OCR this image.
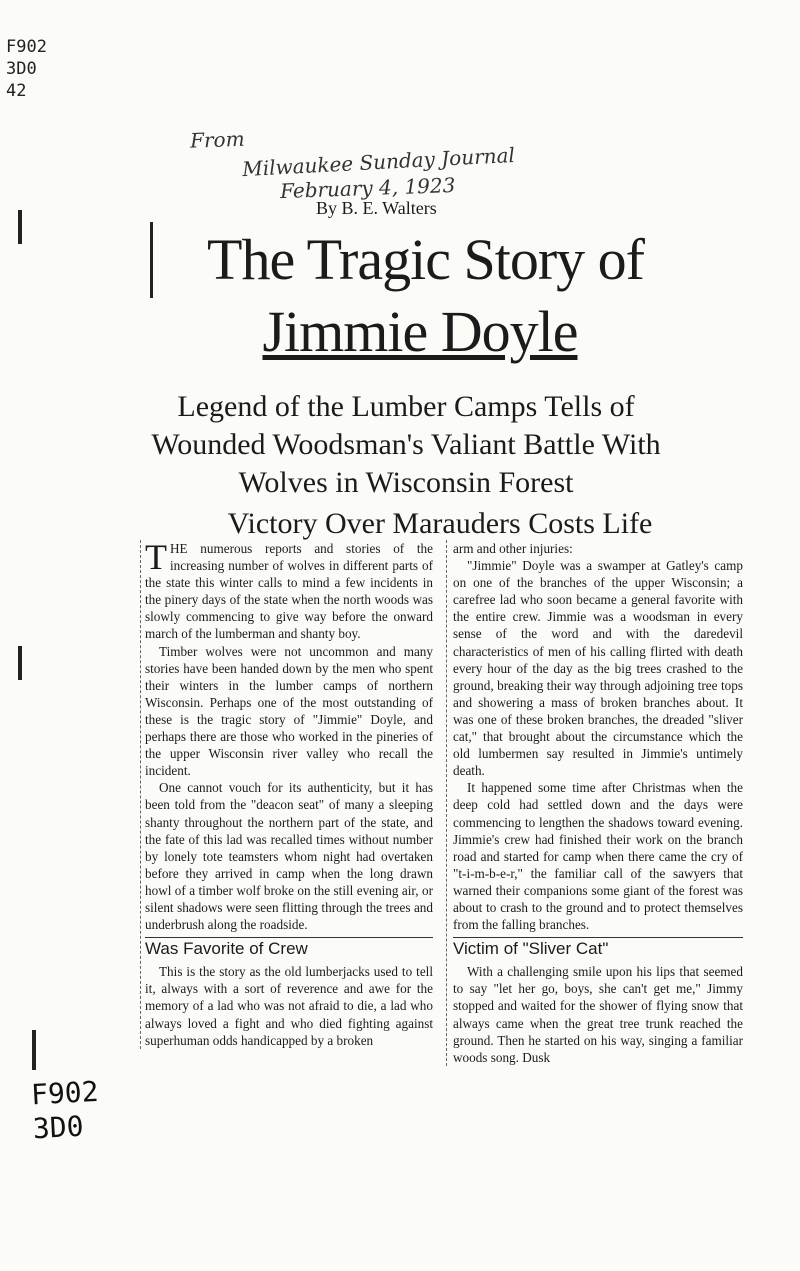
F902
3D0
42
F902
3D0
From
Milwaukee Sunday Journal
February 4, 1923
By B. E. Walters
The Tragic Story of
Jimmie Doyle
Legend of the Lumber Camps Tells of
Wounded Woodsman's Valiant Battle With
Wolves in Wisconsin Forest
Victory Over Marauders Costs Life

THE numerous reports and stories of the increasing number of wolves in different parts of the state this winter calls to mind a few incidents in the pinery days of the state when the north woods was slowly commencing to give way before the onward march of the lumberman and shanty boy.

Timber wolves were not uncommon and many stories have been handed down by the men who spent their winters in the lumber camps of northern Wisconsin. Perhaps one of the most outstanding of these is the tragic story of "Jimmie" Doyle, and perhaps there are those who worked in the pineries of the upper Wisconsin river valley who recall the incident.

One cannot vouch for its authenticity, but it has been told from the "deacon seat" of many a sleeping shanty throughout the northern part of the state, and the fate of this lad was recalled times without number by lonely tote teamsters whom night had overtaken before they arrived in camp when the long drawn howl of a timber wolf broke on the still evening air, or silent shadows were seen flitting through the trees and underbrush along the roadside.

Was Favorite of Crew

This is the story as the old lumberjacks used to tell it, always with a sort of reverence and awe for the memory of a lad who was not afraid to die, a lad who always loved a fight and who died fighting against superhuman odds handicapped by a broken

arm and other injuries:

"Jimmie" Doyle was a swamper at Gatley's camp on one of the branches of the upper Wisconsin; a carefree lad who soon became a general favorite with the entire crew. Jimmie was a woodsman in every sense of the word and with the daredevil characteristics of men of his calling flirted with death every hour of the day as the big trees crashed to the ground, breaking their way through adjoining tree tops and showering a mass of broken branches about. It was one of these broken branches, the dreaded "sliver cat," that brought about the circumstance which the old lumbermen say resulted in Jimmie's untimely death.

It happened some time after Christmas when the deep cold had settled down and the days were commencing to lengthen the shadows toward evening. Jimmie's crew had finished their work on the branch road and started for camp when there came the cry of "t-i-m-b-e-r," the familiar call of the sawyers that warned their companions some giant of the forest was about to crash to the ground and to protect themselves from the falling branches.

Victim of "Sliver Cat"

With a challenging smile upon his lips that seemed to say "let her go, boys, she can't get me," Jimmy stopped and waited for the shower of flying snow that always came when the great tree trunk reached the ground. Then he started on his way, singing a familiar woods song. Dusk
